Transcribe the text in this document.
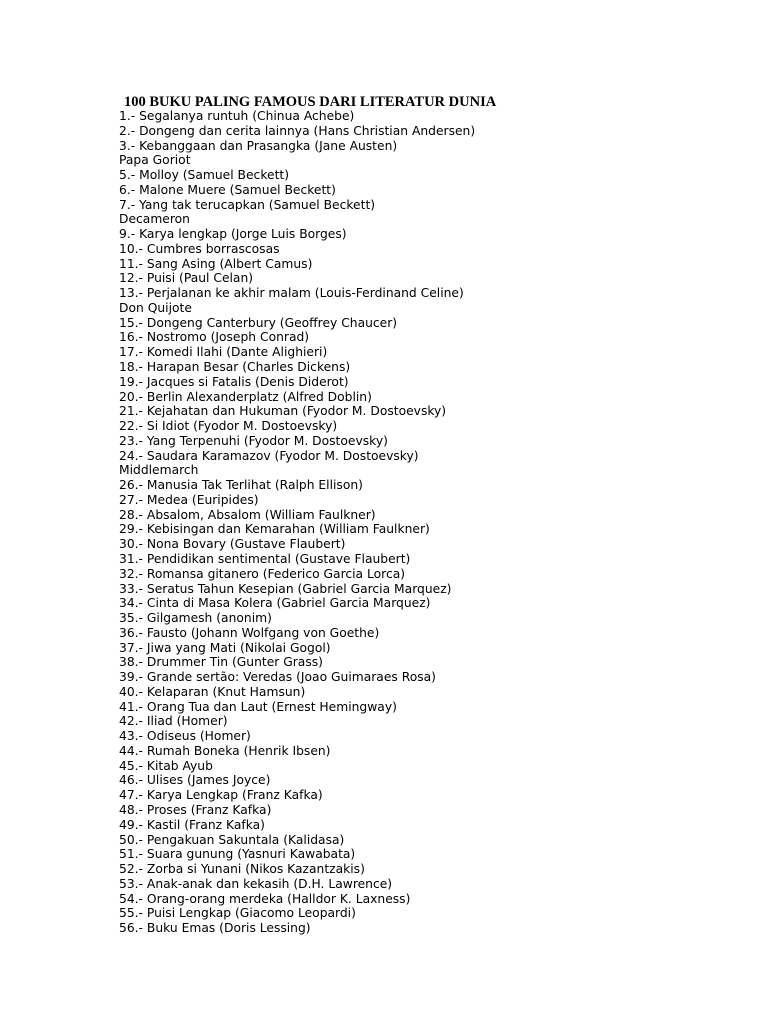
100 BUKU PALING FAMOUS DARI LITERATUR DUNIA
1.- Segalanya runtuh (Chinua Achebe)
2.- Dongeng dan cerita lainnya (Hans Christian Andersen)
3.- Kebanggaan dan Prasangka (Jane Austen)
Papa Goriot
5.- Molloy (Samuel Beckett)
6.- Malone Muere (Samuel Beckett)
7.- Yang tak terucapkan (Samuel Beckett)
Decameron
9.- Karya lengkap (Jorge Luis Borges)
10.- Cumbres borrascosas
11.- Sang Asing (Albert Camus)
12.- Puisi (Paul Celan)
13.- Perjalanan ke akhir malam (Louis-Ferdinand Celine)
Don Quijote
15.- Dongeng Canterbury (Geoffrey Chaucer)
16.- Nostromo (Joseph Conrad)
17.- Komedi Ilahi (Dante Alighieri)
18.- Harapan Besar (Charles Dickens)
19.- Jacques si Fatalis (Denis Diderot)
20.- Berlin Alexanderplatz (Alfred Doblin)
21.- Kejahatan dan Hukuman (Fyodor M. Dostoevsky)
22.- Si Idiot (Fyodor M. Dostoevsky)
23.- Yang Terpenuhi (Fyodor M. Dostoevsky)
24.- Saudara Karamazov (Fyodor M. Dostoevsky)
Middlemarch
26.- Manusia Tak Terlihat (Ralph Ellison)
27.- Medea (Euripides)
28.- Absalom, Absalom (William Faulkner)
29.- Kebisingan dan Kemarahan (William Faulkner)
30.- Nona Bovary (Gustave Flaubert)
31.- Pendidikan sentimental (Gustave Flaubert)
32.- Romansa gitanero (Federico Garcia Lorca)
33.- Seratus Tahun Kesepian (Gabriel Garcia Marquez)
34.- Cinta di Masa Kolera (Gabriel Garcia Marquez)
35.- Gilgamesh (anonim)
36.- Fausto (Johann Wolfgang von Goethe)
37.- Jiwa yang Mati (Nikolai Gogol)
38.- Drummer Tin (Gunter Grass)
39.- Grande sertão: Veredas (Joao Guimaraes Rosa)
40.- Kelaparan (Knut Hamsun)
41.- Orang Tua dan Laut (Ernest Hemingway)
42.- Iliad (Homer)
43.- Odiseus (Homer)
44.- Rumah Boneka (Henrik Ibsen)
45.- Kitab Ayub
46.- Ulises (James Joyce)
47.- Karya Lengkap (Franz Kafka)
48.- Proses (Franz Kafka)
49.- Kastil (Franz Kafka)
50.- Pengakuan Sakuntala (Kalidasa)
51.- Suara gunung (Yasnuri Kawabata)
52.- Zorba si Yunani (Nikos Kazantzakis)
53.- Anak-anak dan kekasih (D.H. Lawrence)
54.- Orang-orang merdeka (Halldor K. Laxness)
55.- Puisi Lengkap (Giacomo Leopardi)
56.- Buku Emas (Doris Lessing)
